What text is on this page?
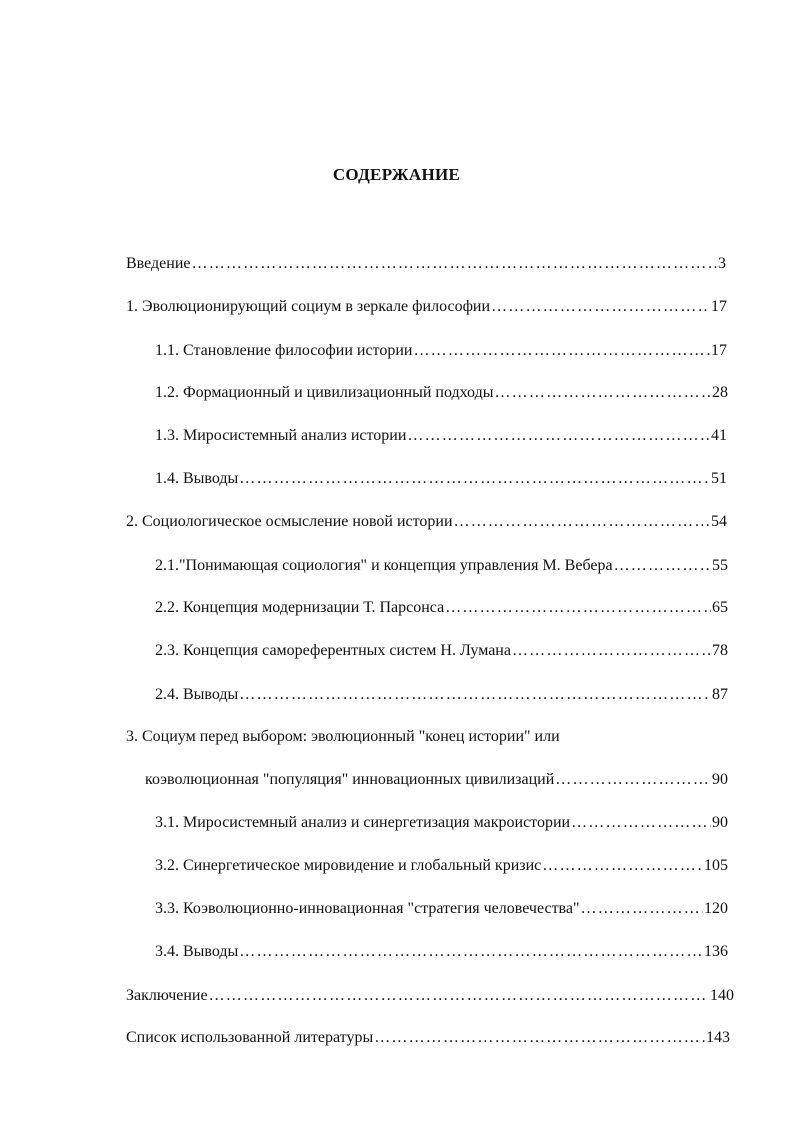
СОДЕРЖАНИЕ
Введение ………………………………………………………………………………………………………………………………………………	3
1. Эволюционирующий социум в зеркале философии ………………………………………………………………………………………………………………………………………………	17
1.1. Становление философии истории ………………………………………………………………………………………………………………………………………………	17
1.2. Формационный и цивилизационный подходы ………………………………………………………………………………………………………………………………………………	28
1.3. Миросистемный анализ истории ………………………………………………………………………………………………………………………………………………	41
1.4. Выводы ………………………………………………………………………………………………………………………………………………	51
2. Социологическое осмысление новой истории ………………………………………………………………………………………………………………………………………………	54
2.1."Понимающая социология" и концепция управления М. Вебера ………………………………………………………………………………………………………………………………………………	55
2.2. Концепция модернизации Т. Парсонса ………………………………………………………………………………………………………………………………………………	65
2.3. Концепция самореферентных систем Н. Лумана ………………………………………………………………………………………………………………………………………………	78
2.4. Выводы ………………………………………………………………………………………………………………………………………………	87
3. Социум перед выбором: эволюционный "конец истории" или
коэволюционная "популяция" инновационных цивилизаций ………………………………………………………………………………………………………………………………………………	90
3.1. Миросистемный анализ и синергетизация макроистории ………………………………………………………………………………………………………………………………………………	90
3.2. Синергетическое мировидение и глобальный кризис ………………………………………………………………………………………………………………………………………………	105
3.3. Коэволюционно-инновационная "стратегия человечества" ………………………………………………………………………………………………………………………………………………	120
3.4. Выводы ………………………………………………………………………………………………………………………………………………	136
Заключение ………………………………………………………………………………………………………………………………………………	140
Список использованной литературы ………………………………………………………………………………………………………………………………………………	143
